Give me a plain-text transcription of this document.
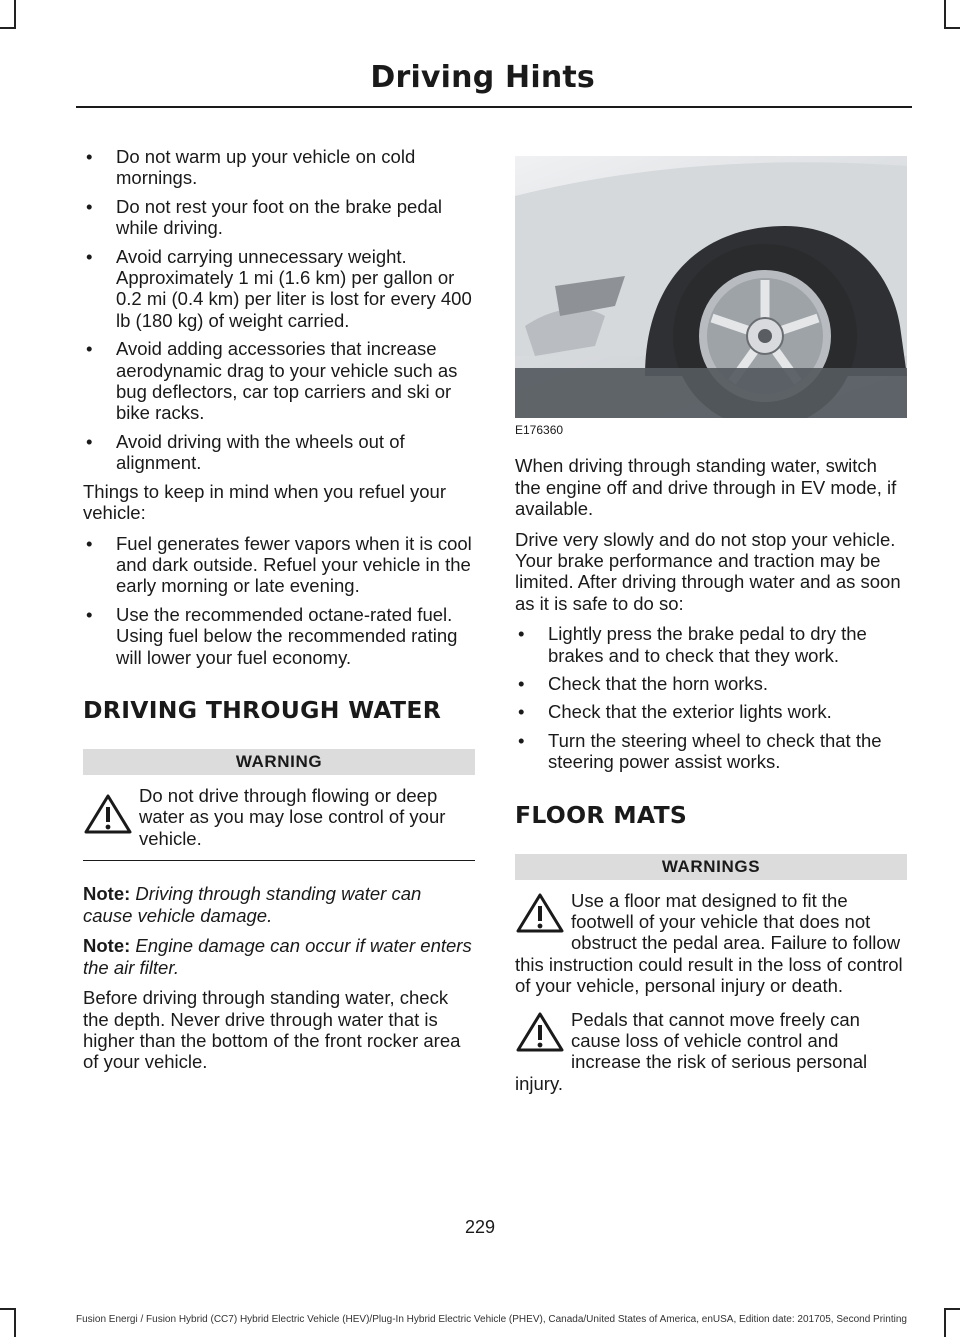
Driving Hints
• Do not warm up your vehicle on cold mornings.
• Do not rest your foot on the brake pedal while driving.
• Avoid carrying unnecessary weight. Approximately 1 mi (1.6 km) per gallon or 0.2 mi (0.4 km) per liter is lost for every 400 lb (180 kg) of weight carried.
• Avoid adding accessories that increase aerodynamic drag to your vehicle such as bug deflectors, car top carriers and ski or bike racks.
• Avoid driving with the wheels out of alignment.

Things to keep in mind when you refuel your vehicle:

• Fuel generates fewer vapors when it is cool and dark outside. Refuel your vehicle in the early morning or late evening.
• Use the recommended octane-rated fuel. Using fuel below the recommended rating will lower your fuel economy.
DRIVING THROUGH WATER
WARNING

Do not drive through flowing or deep water as you may lose control of your vehicle.

Note: Driving through standing water can cause vehicle damage.

Note: Engine damage can occur if water enters the air filter.

Before driving through standing water, check the depth. Never drive through water that is higher than the bottom of the front rocker area of your vehicle.

E176360

When driving through standing water, switch the engine off and drive through in EV mode, if available.

Drive very slowly and do not stop your vehicle. Your brake performance and traction may be limited. After driving through water and as soon as it is safe to do so:

• Lightly press the brake pedal to dry the brakes and to check that they work.
• Check that the horn works.
• Check that the exterior lights work.
• Turn the steering wheel to check that the steering power assist works.
FLOOR MATS
WARNINGS

Use a floor mat designed to fit the footwell of your vehicle that does not obstruct the pedal area. Failure to follow this instruction could result in the loss of control of your vehicle, personal injury or death.

Pedals that cannot move freely can cause loss of vehicle control and increase the risk of serious personal injury.

229
Fusion Energi / Fusion Hybrid (CC7) Hybrid Electric Vehicle (HEV)/Plug-In Hybrid Electric Vehicle (PHEV), Canada/United States of America, enUSA, Edition date: 201705, Second Printing
